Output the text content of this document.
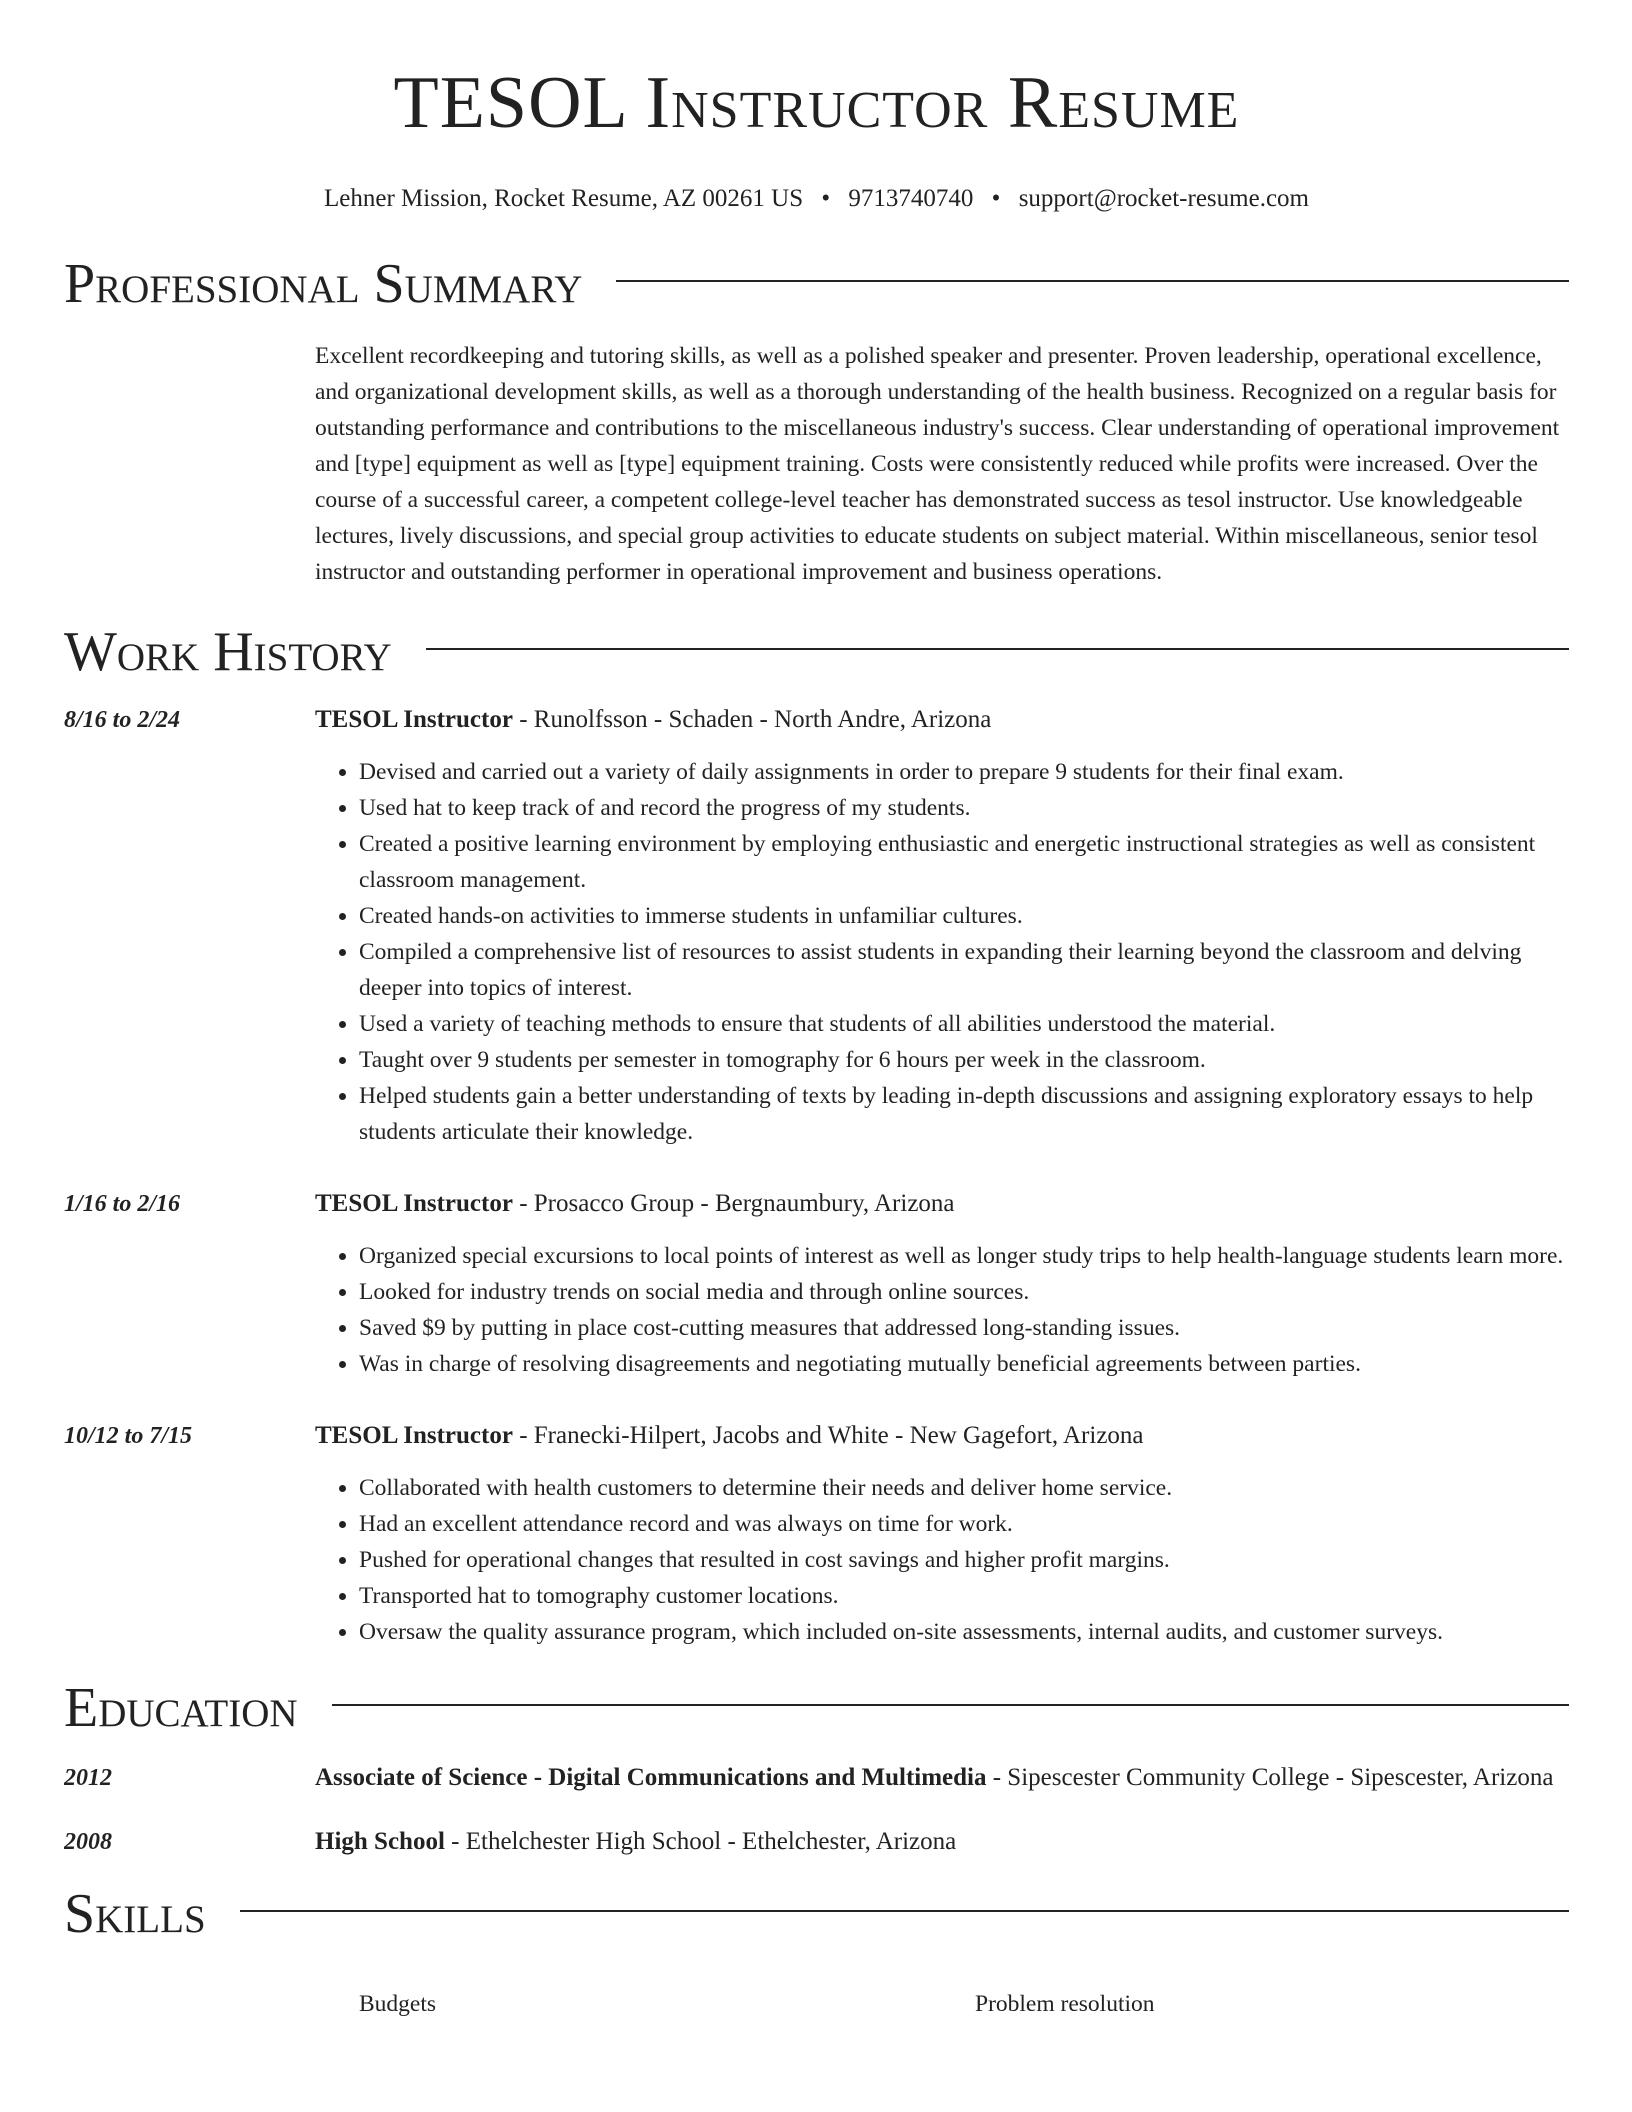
TESOL Instructor Resume
Lehner Mission, Rocket Resume, AZ 00261 US • 9713740740 • support@rocket-resume.com
Professional Summary
Excellent recordkeeping and tutoring skills, as well as a polished speaker and presenter. Proven leadership, operational excellence, and organizational development skills, as well as a thorough understanding of the health business. Recognized on a regular basis for outstanding performance and contributions to the miscellaneous industry's success. Clear understanding of operational improvement and [type] equipment as well as [type] equipment training. Costs were consistently reduced while profits were increased. Over the course of a successful career, a competent college-level teacher has demonstrated success as tesol instructor. Use knowledgeable lectures, lively discussions, and special group activities to educate students on subject material. Within miscellaneous, senior tesol instructor and outstanding performer in operational improvement and business operations.
Work History
8/16 to 2/24	TESOL Instructor - Runolfsson - Schaden - North Andre, Arizona
• Devised and carried out a variety of daily assignments in order to prepare 9 students for their final exam.
• Used hat to keep track of and record the progress of my students.
• Created a positive learning environment by employing enthusiastic and energetic instructional strategies as well as consistent classroom management.
• Created hands-on activities to immerse students in unfamiliar cultures.
• Compiled a comprehensive list of resources to assist students in expanding their learning beyond the classroom and delving deeper into topics of interest.
• Used a variety of teaching methods to ensure that students of all abilities understood the material.
• Taught over 9 students per semester in tomography for 6 hours per week in the classroom.
• Helped students gain a better understanding of texts by leading in-depth discussions and assigning exploratory essays to help students articulate their knowledge.
1/16 to 2/16	TESOL Instructor - Prosacco Group - Bergnaumbury, Arizona
• Organized special excursions to local points of interest as well as longer study trips to help health-language students learn more.
• Looked for industry trends on social media and through online sources.
• Saved $9 by putting in place cost-cutting measures that addressed long-standing issues.
• Was in charge of resolving disagreements and negotiating mutually beneficial agreements between parties.
10/12 to 7/15	TESOL Instructor - Franecki-Hilpert, Jacobs and White - New Gagefort, Arizona
• Collaborated with health customers to determine their needs and deliver home service.
• Had an excellent attendance record and was always on time for work.
• Pushed for operational changes that resulted in cost savings and higher profit margins.
• Transported hat to tomography customer locations.
• Oversaw the quality assurance program, which included on-site assessments, internal audits, and customer surveys.
Education
2012	Associate of Science - Digital Communications and Multimedia - Sipescester Community College - Sipescester, Arizona
2008	High School - Ethelchester High School - Ethelchester, Arizona
Skills
Budgets	Problem resolution
